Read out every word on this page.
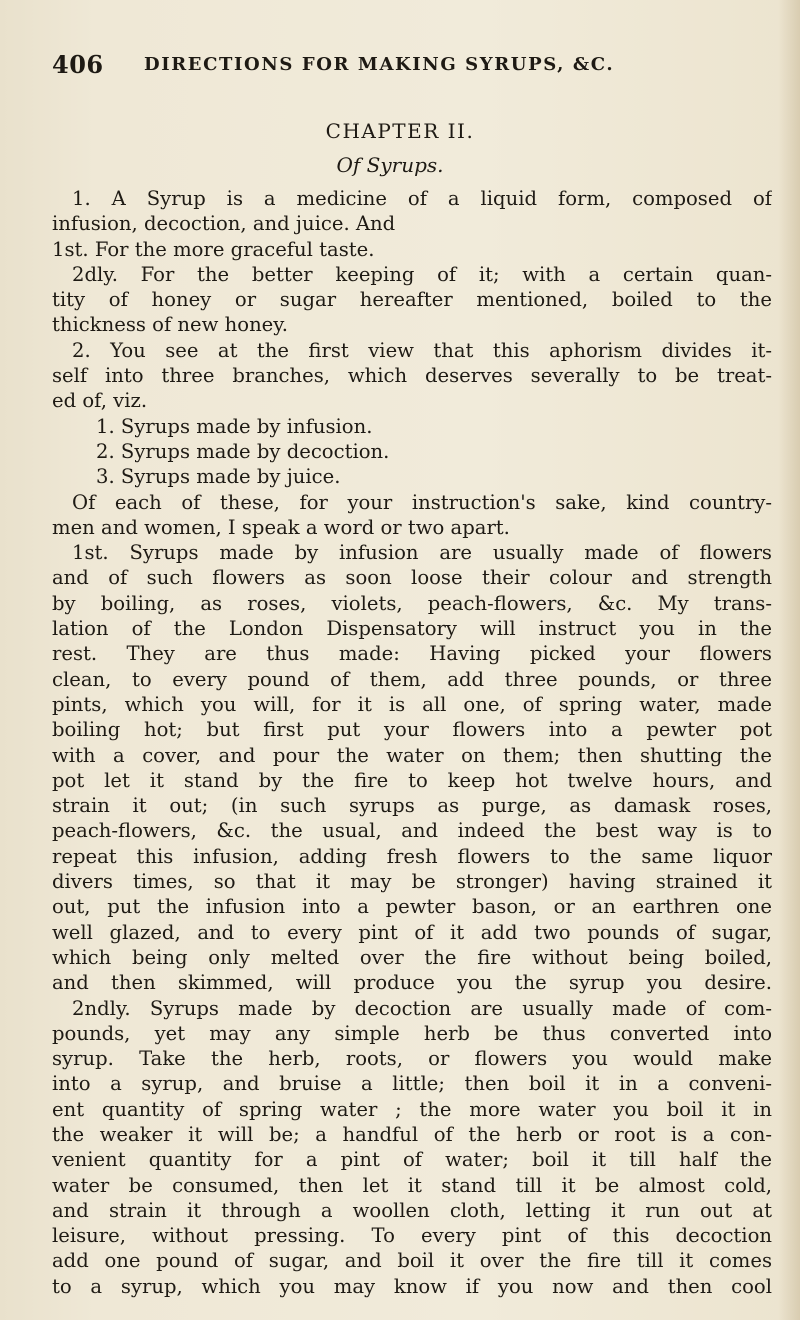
406 DIRECTIONS FOR MAKING SYRUPS, &C.
CHAPTER II.
Of Syrups.
1. A Syrup is a medicine of a liquid form, composed of
infusion, decoction, and juice. And
1st. For the more graceful taste.
2dly. For the better keeping of it; with a certain quan-
tity of honey or sugar hereafter mentioned, boiled to the
thickness of new honey.
2. You see at the first view that this aphorism divides it-
self into three branches, which deserves severally to be treat-
ed of, viz.
1. Syrups made by infusion.
2. Syrups made by decoction.
3. Syrups made by juice.
Of each of these, for your instruction's sake, kind country-
men and women, I speak a word or two apart.
1st. Syrups made by infusion are usually made of flowers
and of such flowers as soon loose their colour and strength
by boiling, as roses, violets, peach-flowers, &c. My trans-
lation of the London Dispensatory will instruct you in the
rest. They are thus made: Having picked your flowers
clean, to every pound of them, add three pounds, or three
pints, which you will, for it is all one, of spring water, made
boiling hot; but first put your flowers into a pewter pot
with a cover, and pour the water on them; then shutting the
pot let it stand by the fire to keep hot twelve hours, and
strain it out; (in such syrups as purge, as damask roses,
peach-flowers, &c. the usual, and indeed the best way is to
repeat this infusion, adding fresh flowers to the same liquor
divers times, so that it may be stronger) having strained it
out, put the infusion into a pewter bason, or an earthren one
well glazed, and to every pint of it add two pounds of sugar,
which being only melted over the fire without being boiled,
and then skimmed, will produce you the syrup you desire.
2ndly. Syrups made by decoction are usually made of com-
pounds, yet may any simple herb be thus converted into
syrup. Take the herb, roots, or flowers you would make
into a syrup, and bruise a little; then boil it in a conveni-
ent quantity of spring water ; the more water you boil it in
the weaker it will be; a handful of the herb or root is a con-
venient quantity for a pint of water; boil it till half the
water be consumed, then let it stand till it be almost cold,
and strain it through a woollen cloth, letting it run out at
leisure, without pressing. To every pint of this decoction
add one pound of sugar, and boil it over the fire till it comes
to a syrup, which you may know if you now and then cool
